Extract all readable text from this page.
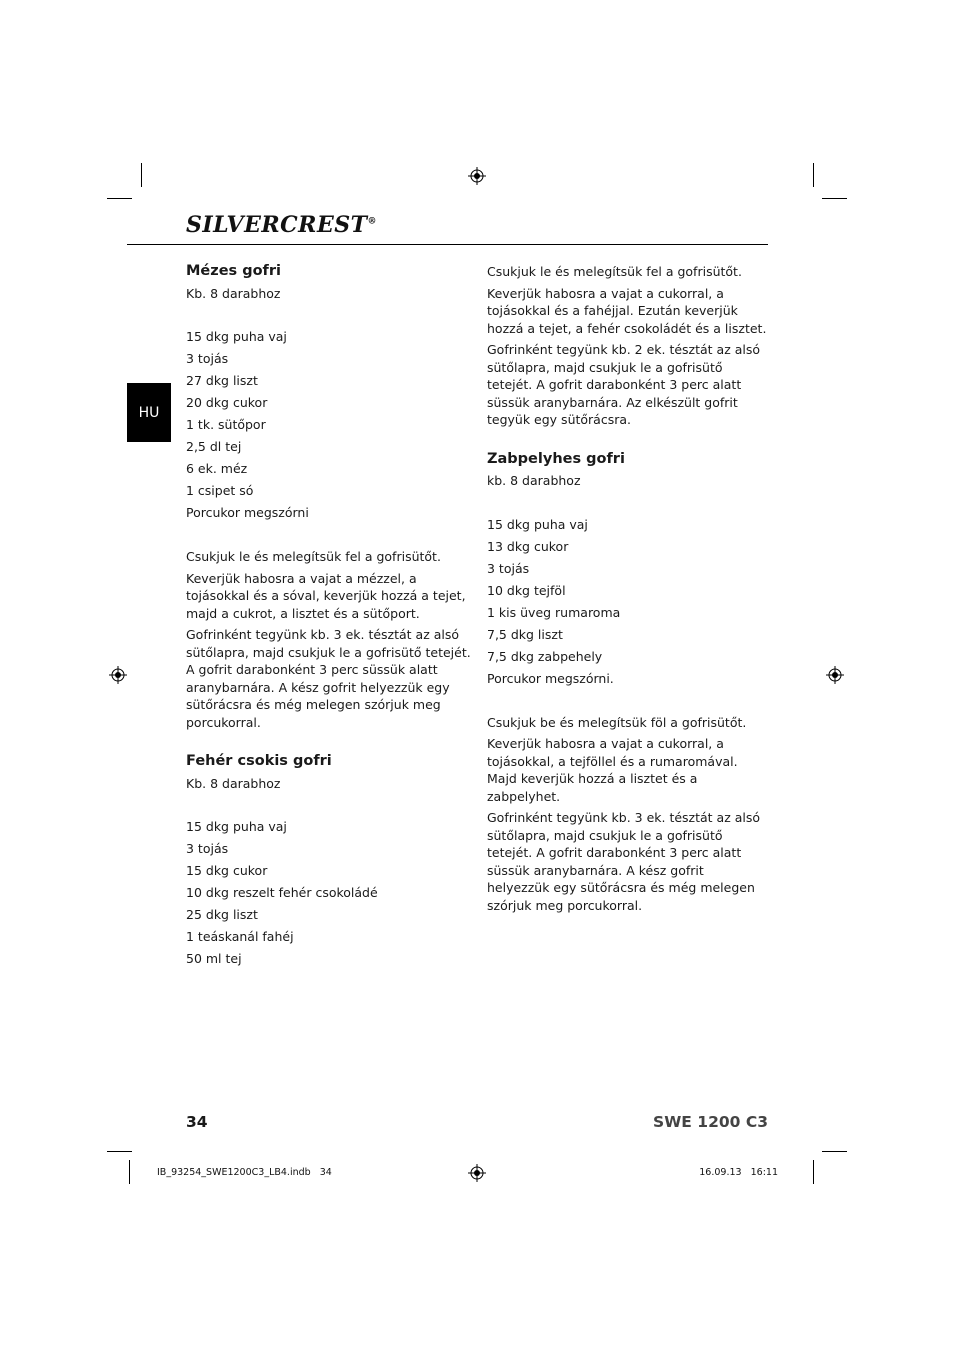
SILVERCREST®
HU

Mézes gofri

Kb. 8 darabhoz

15 dkg puha vaj

3 tojás

27 dkg liszt

20 dkg cukor

1 tk. sütőpor

2,5 dl tej

6 ek. méz

1 csipet só

Porcukor megszórni

Csukjuk le és melegítsük fel a gofrisütőt.

Keverjük habosra a vajat a mézzel, a tojásokkal és a sóval, keverjük hozzá a tejet, majd a cukrot, a lisztet és a sütőport.

Gofrinként tegyünk kb. 3 ek. tésztát az alsó sütőlapra, majd csukjuk le a gofrisütő tetejét. A gofrit darabonként 3 perc süssük alatt aranybarnára. A kész gofrit helyezzük egy sütőrácsra és még melegen szórjuk meg porcukorral.

Fehér csokis gofri

Kb. 8 darabhoz

15 dkg puha vaj

3 tojás

15 dkg cukor

10 dkg reszelt fehér csokoládé

25 dkg liszt

1 teáskanál fahéj

50 ml tej

Csukjuk le és melegítsük fel a gofrisütőt.

Keverjük habosra a vajat a cukorral, a tojásokkal és a fahéjjal. Ezután keverjük hozzá a tejet, a fehér csokoládét és a lisztet.

Gofrinként tegyünk kb. 2 ek. tésztát az alsó sütőlapra, majd csukjuk le a gofrisütő tetejét. A gofrit darabonként 3 perc alatt süssük aranybarnára. Az elkészült gofrit tegyük egy sütőrácsra.

Zabpelyhes gofri

kb. 8 darabhoz

15 dkg puha vaj

13 dkg cukor

3 tojás

10 dkg tejföl

1 kis üveg rumaroma

7,5 dkg liszt

7,5 dkg zabpehely

Porcukor megszórni.

Csukjuk be és melegítsük föl a gofrisütőt.

Keverjük habosra a vajat a cukorral, a tojásokkal, a tejföllel és a rumaromával. Majd keverjük hozzá a lisztet és a zabpelyhet.

Gofrinként tegyünk kb. 3 ek. tésztát az alsó sütőlapra, majd csukjuk le a gofrisütő tetejét. A gofrit darabonként 3 perc alatt süssük aranybarnára. A kész gofrit helyezzük egy sütőrácsra és még melegen szórjuk meg porcukorral.

34	SWE 1200 C3
IB_93254_SWE1200C3_LB4.indb   34	16.09.13   16:11
